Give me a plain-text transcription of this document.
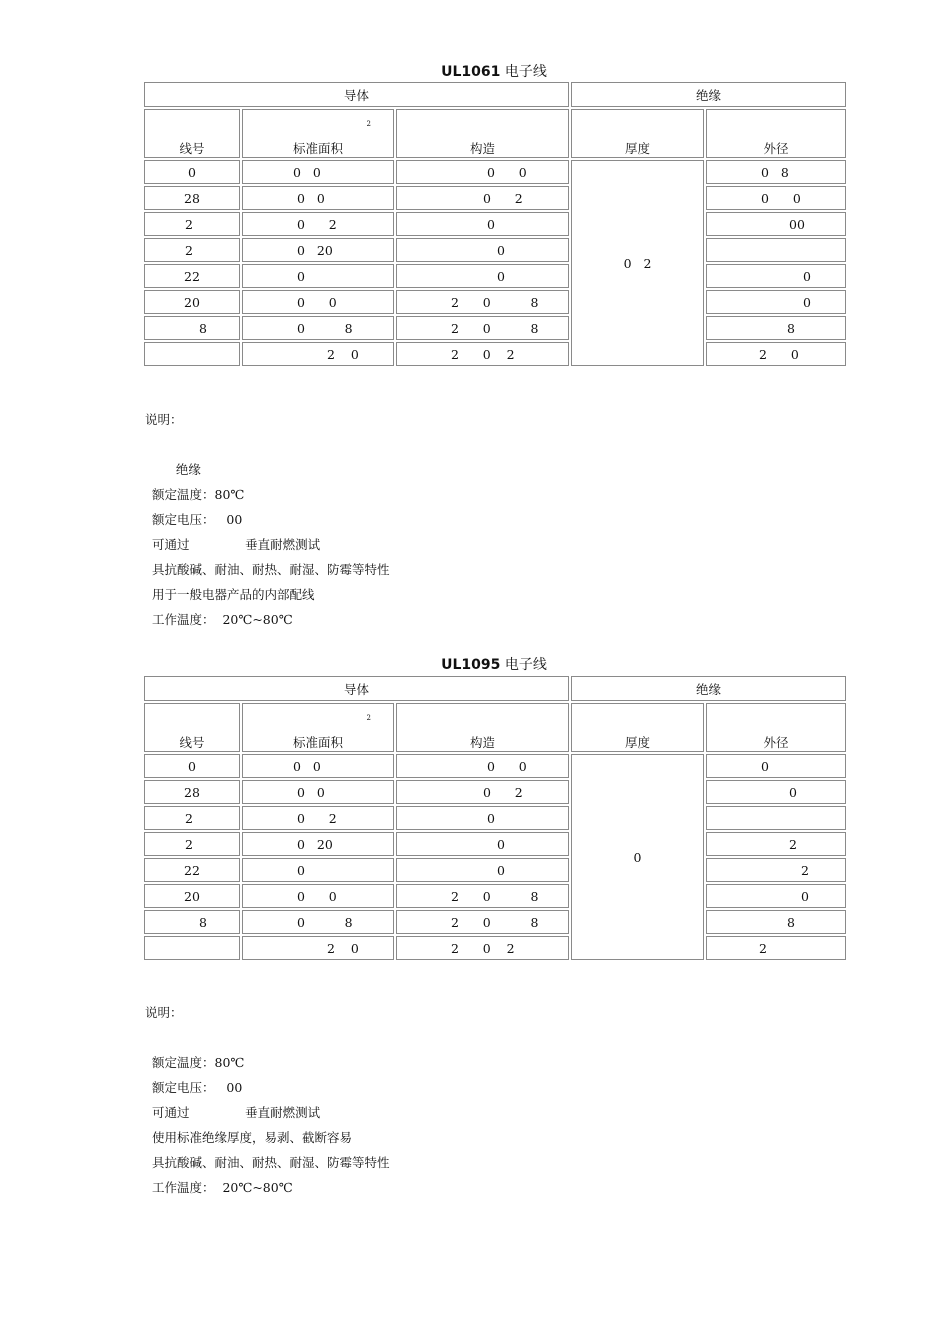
UL1061 电子线
导体			绝缘	
线号	2
标准面积	构造	厚度	外径
0	0   0	0      0	0   2	0   8
28	0   0	0      2		0      0
2	0      2	0		00
2	0   20	0		
22	0	0		0
20	0      0	2      0          8		0
8	0          8	2      0          8		8
	2    0	2      0    2		2      0
说明：
绝缘
额定温度：80℃
额定电压：   00
可通过              垂直耐燃测试
具抗酸碱、耐油、耐热、耐湿、防霉等特性
用于一般电器产品的内部配线
工作温度：  20℃~80℃
UL1095 电子线
导体			绝缘	
线号	2
标准面积	构造	厚度	外径
0	0   0	0      0	0	0
28	0   0	0      2		0
2	0      2	0		
2	0   20	0		2
22	0	0		2
20	0      0	2      0          8		0
8	0          8	2      0          8		8
	2    0	2      0    2		2
说明：
额定温度：80℃
额定电压：   00
可通过              垂直耐燃测试
使用标准绝缘厚度，易剥、截断容易
具抗酸碱、耐油、耐热、耐湿、防霉等特性
工作温度：  20℃~80℃
